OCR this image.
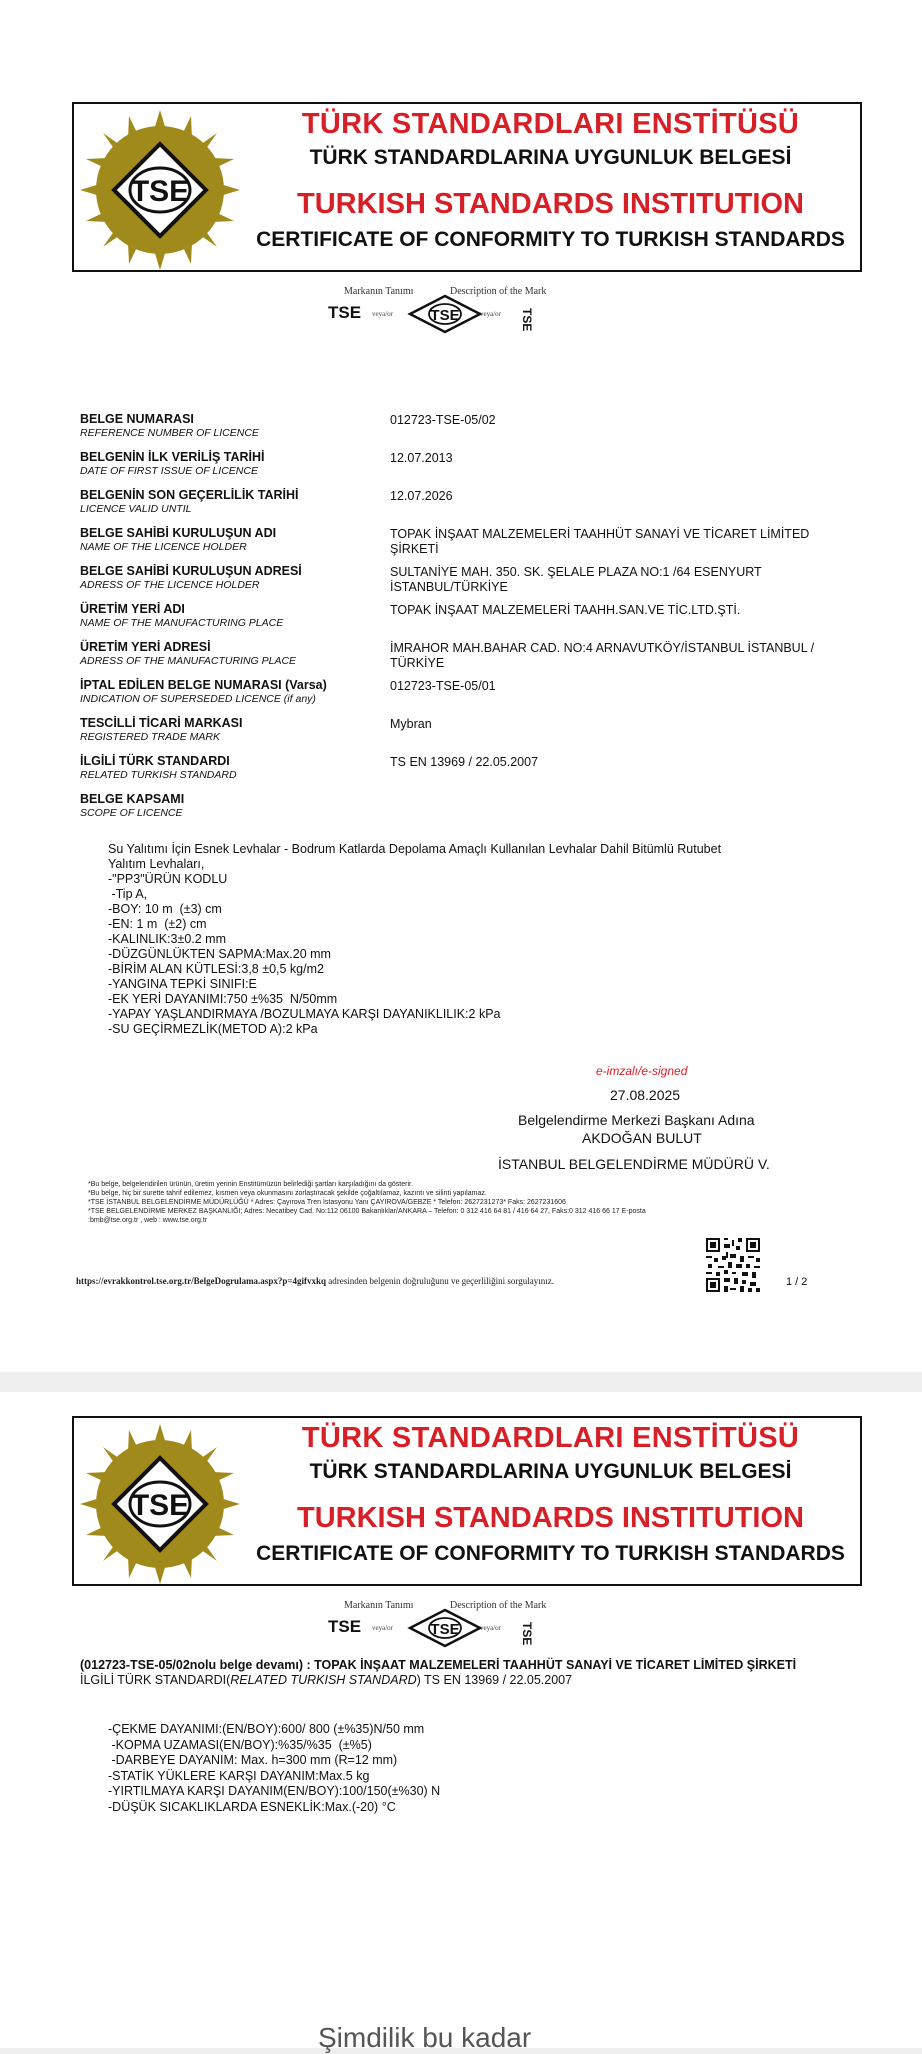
TSE
TÜRK STANDARDLARI ENSTİTÜSÜ
TÜRK STANDARDLARINA UYGUNLUK BELGESİ
TURKISH STANDARDS INSTITUTION
CERTIFICATE OF CONFORMITY TO TURKISH STANDARDS
Markanın Tanımı	Description of the Mark
TSE veya/or TSE	veya/or TSE
BELGE NUMARASI
REFERENCE NUMBER OF LICENCE
012723-TSE-05/02
BELGENİN İLK VERİLİŞ TARİHİ
DATE OF FIRST ISSUE OF LICENCE
12.07.2013
BELGENİN SON GEÇERLİLİK TARİHİ
LICENCE VALID UNTIL
12.07.2026
BELGE SAHİBİ KURULUŞUN ADI
NAME OF THE LICENCE HOLDER
TOPAK İNŞAAT MALZEMELERİ TAAHHÜT SANAYİ VE TİCARET LİMİTED ŞİRKETİ
BELGE SAHİBİ KURULUŞUN ADRESİ
ADRESS OF THE LICENCE HOLDER
SULTANİYE MAH. 350. SK. ŞELALE PLAZA NO:1 /64 ESENYURT İSTANBUL/TÜRKİYE
ÜRETİM YERİ ADI
NAME OF THE MANUFACTURING PLACE
TOPAK İNŞAAT MALZEMELERİ TAAHH.SAN.VE TİC.LTD.ŞTİ.
ÜRETİM YERİ ADRESİ
ADRESS OF THE MANUFACTURING PLACE
İMRAHOR MAH.BAHAR CAD. NO:4 ARNAVUTKÖY/İSTANBUL İSTANBUL / TÜRKİYE
İPTAL EDİLEN BELGE NUMARASI (Varsa)
INDICATION OF SUPERSEDED LICENCE (if any)
012723-TSE-05/01
TESCİLLİ TİCARİ MARKASI
REGISTERED TRADE MARK
Mybran
İLGİLİ TÜRK STANDARDI
RELATED TURKISH STANDARD
TS EN 13969 / 22.05.2007
BELGE KAPSAMI
SCOPE OF LICENCE
Su Yalıtımı İçin Esnek Levhalar - Bodrum Katlarda Depolama Amaçlı Kullanılan Levhalar Dahil Bitümlü Rutubet
Yalıtım Levhaları,
-"PP3"ÜRÜN KODLU
-Tip A,
-BOY: 10 m  (±3) cm
-EN: 1 m  (±2) cm
-KALINLIK:3±0.2 mm
-DÜZGÜNLÜKTEN SAPMA:Max.20 mm
-BİRİM ALAN KÜTLESİ:3,8 ±0,5 kg/m2
-YANGINA TEPKİ SINIFI:E
-EK YERİ DAYANIMI:750 ±%35  N/50mm
-YAPAY YAŞLANDIRMAYA /BOZULMAYA KARŞI DAYANIKLILIK:2 kPa
-SU GEÇİRMEZLİK(METOD A):2 kPa
e-imzalı/e-signed
27.08.2025
Belgelendirme Merkezi Başkanı Adına
AKDOĞAN BULUT
İSTANBUL BELGELENDİRME MÜDÜRÜ V.
*Bu belge, belgelendirilen ürünün, üretim yerinin Enstitümüzün belirlediği şartları karşıladığını da gösterir.
*Bu belge, hiç bir surette tahrif edilemez, kısmen veya okunmasını zorlaştıracak şekilde çoğaltılamaz, kazıntı ve silinti yapılamaz.
*TSE İSTANBUL BELGELENDİRME MÜDÜRLÜĞÜ * Adres: Çayırova Tren İstasyonu Yanı ÇAYIROVA/GEBZE * Telefon: 2627231273* Faks: 2627231606
*TSE BELGELENDİRME MERKEZ BAŞKANLIĞI; Adres: Necatibey Cad. No:112 06100 Bakanlıklar/ANKARA – Telefon: 0 312 416 64 81 / 416 64 27, Faks:0 312 416 66 17 E-posta
:bmb@tse.org.tr , web : www.tse.org.tr
https://evrakkontrol.tse.org.tr/BelgeDogrulama.aspx?p=4gifvxkq adresinden belgenin doğruluğunu ve geçerliliğini sorgulayınız.	1 / 2
TSE
TÜRK STANDARDLARI ENSTİTÜSÜ
TÜRK STANDARDLARINA UYGUNLUK BELGESİ
TURKISH STANDARDS INSTITUTION
CERTIFICATE OF CONFORMITY TO TURKISH STANDARDS
Markanın Tanımı	Description of the Mark
TSE veya/or TSE	veya/or TSE
(012723-TSE-05/02nolu belge devamı) : TOPAK İNŞAAT MALZEMELERİ TAAHHÜT SANAYİ VE TİCARET LİMİTED ŞİRKETİ
İLGİLİ TÜRK STANDARDI(RELATED TURKISH STANDARD) TS EN 13969 / 22.05.2007
-ÇEKME DAYANIMI:(EN/BOY):600/ 800 (±%35)N/50 mm
-KOPMA UZAMASI(EN/BOY):%35/%35  (±%5)
-DARBEYE DAYANIM: Max. h=300 mm (R=12 mm)
-STATİK YÜKLERE KARŞI DAYANIM:Max.5 kg
-YIRTILMAYA KARŞI DAYANIM(EN/BOY):100/150(±%30) N
-DÜŞÜK SICAKLIKLARDA ESNEKLİK:Max.(-20) °C
Şimdilik bu kadar
